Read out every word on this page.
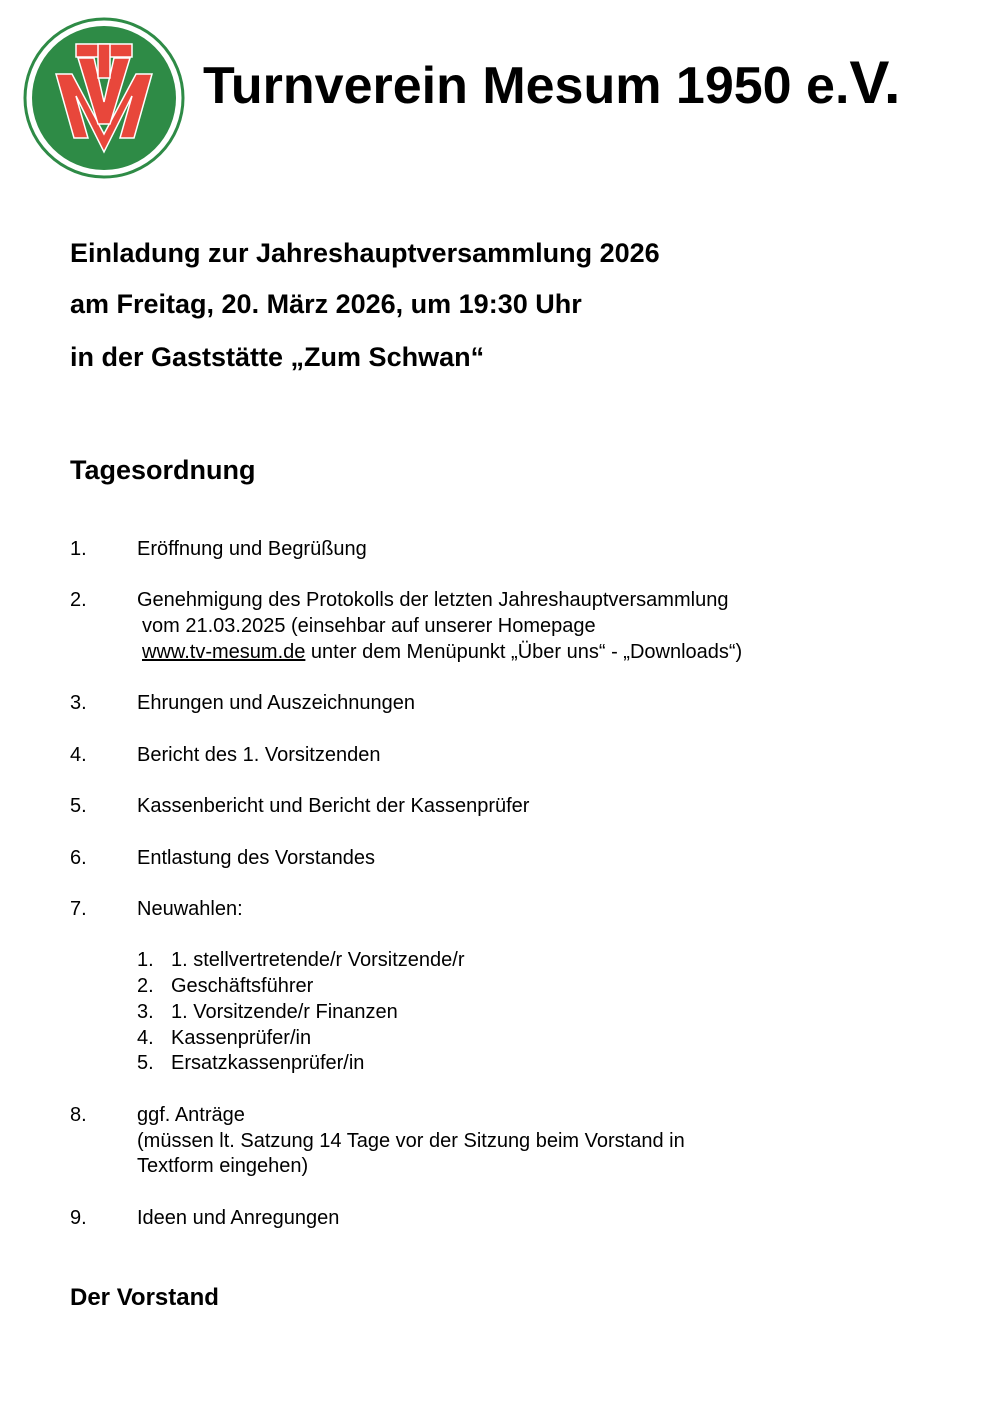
Turnverein Mesum 1950 e.V.
Einladung zur Jahreshauptversammlung 2026
am Freitag, 20. März 2026, um 19:30 Uhr
in der Gaststätte „Zum Schwan“
Tagesordnung
1.	Eröffnung und Begrüßung
2.	Genehmigung des Protokolls der letzten Jahreshauptversammlung
vom 21.03.2025 (einsehbar auf unserer Homepage
www.tv-mesum.de unter dem Menüpunkt „Über uns“ - „Downloads“)
3.	Ehrungen und Auszeichnungen
4.	Bericht des 1. Vorsitzenden
5.	Kassenbericht und Bericht der Kassenprüfer
6.	Entlastung des Vorstandes
7.	Neuwahlen:
1. 1. stellvertretende/r Vorsitzende/r
2. Geschäftsführer
3. 1. Vorsitzende/r Finanzen
4. Kassenprüfer/in
5. Ersatzkassenprüfer/in
8.	ggf. Anträge
(müssen lt. Satzung 14 Tage vor der Sitzung beim Vorstand in
Textform eingehen)
9.	Ideen und Anregungen
Der Vorstand
